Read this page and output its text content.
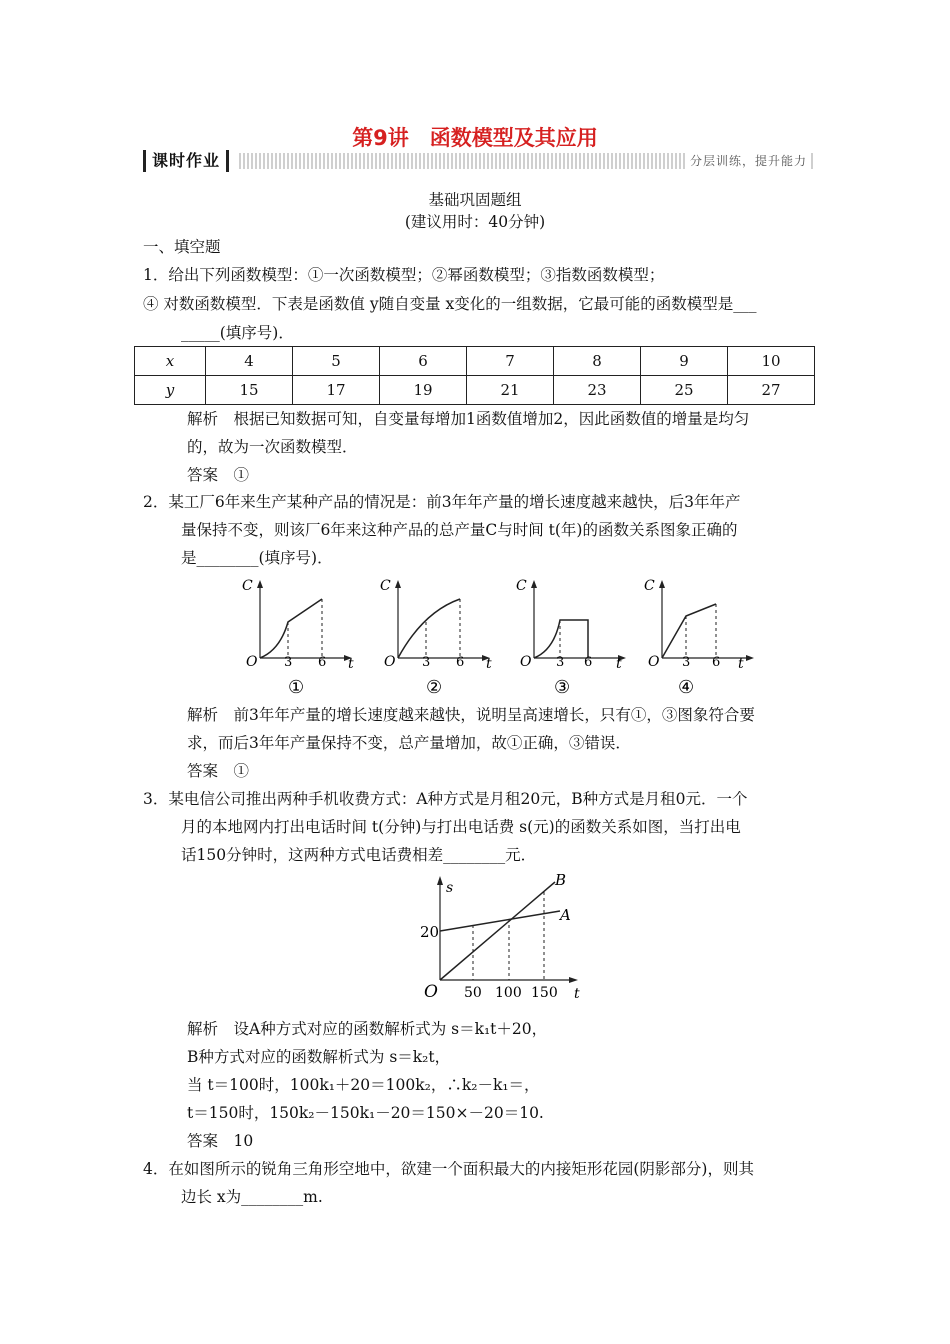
第9讲　函数模型及其应用
课时作业	分层训练，提升能力
基础巩固题组
(建议用时：40分钟)
一、填空题
1．给出下列函数模型：①一次函数模型；②幂函数模型；③指数函数模型；
④ 对数函数模型．下表是函数值 y随自变量 x变化的一组数据，它最可能的函数模型是___
_____(填序号)．
x	4	5	6	7	8	9	10
y	15	17	19	21	23	25	27
解析　根据已知数据可知，自变量每增加1函数值增加2，因此函数值的增量是均匀
的，故为一次函数模型．
答案　①
2．某工厂6年来生产某种产品的情况是：前3年年产量的增长速度越来越快，后3年年产
量保持不变，则该厂6年来这种产品的总产量C与时间 t(年)的函数关系图象正确的
是________(填序号)．
C
O 3 6 t
①
C
O 3 6 t
②
C
O 3 6 t
③
C
O 3 6 t
④
解析　前3年年产量的增长速度越来越快，说明呈高速增长，只有①，③图象符合要
求，而后3年年产量保持不变，总产量增加，故①正确，③错误．
答案　①
3．某电信公司推出两种手机收费方式：A种方式是月租20元，B种方式是月租0元．一个
月的本地网内打出电话时间 t(分钟)与打出电话费 s(元)的函数关系如图，当打出电
话150分钟时，这两种方式电话费相差________元．
s
t
O
20
50 100 150
A
B
解析　设A种方式对应的函数解析式为 s＝k₁t＋20，
B种方式对应的函数解析式为 s＝k₂t，
当 t＝100时，100k₁＋20＝100k₂，∴k₂－k₁＝，
t＝150时，150k₂－150k₁－20＝150×－20＝10.
答案　10
4．在如图所示的锐角三角形空地中，欲建一个面积最大的内接矩形花园(阴影部分)，则其
边长 x为________m.
